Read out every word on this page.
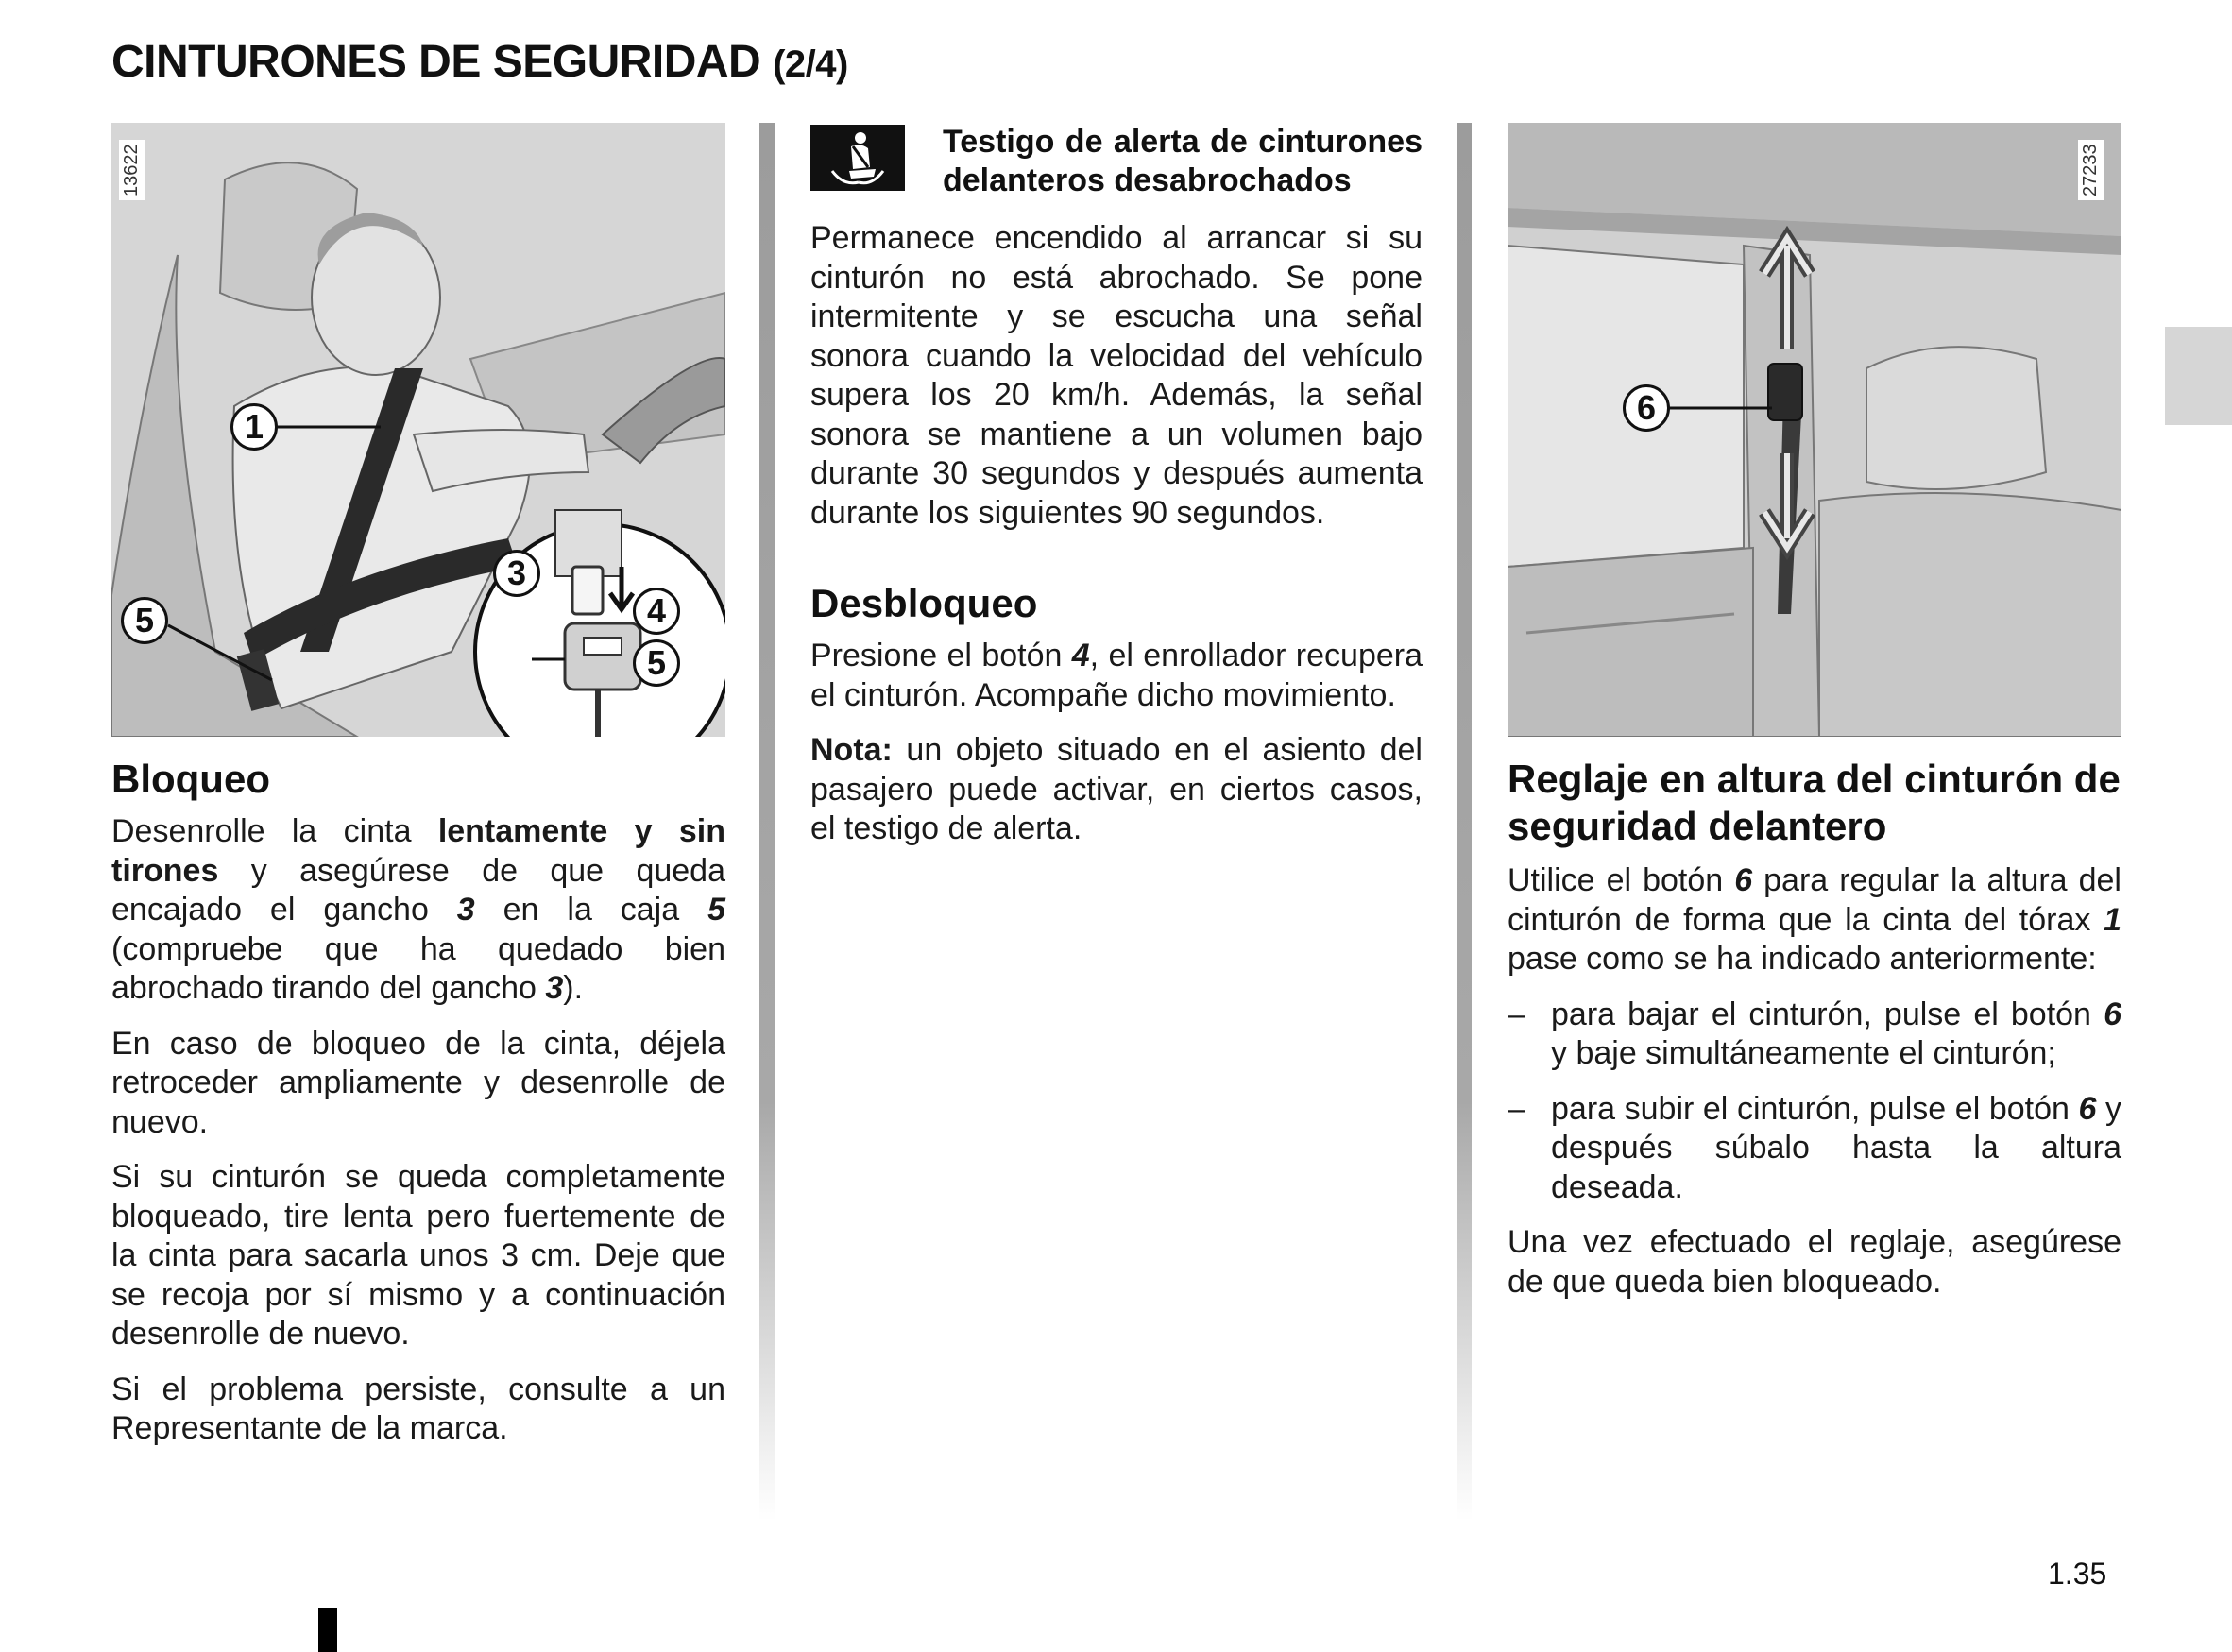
CINTURONES DE SEGURIDAD (2/4)
13622
1
3
4
5
5
Bloqueo

Desenrolle la cinta lentamente y sin tirones y asegúrese de que queda encajado el gancho 3 en la caja 5 (compruebe que ha quedado bien abrochado tirando del gancho 3).

En caso de bloqueo de la cinta, déjela retroceder ampliamente y desenrolle de nuevo.

Si su cinturón se queda completamente bloqueado, tire lenta pero fuertemente de la cinta para sacarla unos 3 cm. Deje que se recoja por sí mismo y a continuación desenrolle de nuevo.

Si el problema persiste, consulte a un Representante de la marca.

Testigo de alerta de cinturones delanteros desabrochados

Permanece encendido al arrancar si su cinturón no está abrochado. Se pone intermitente y se escucha una señal sonora cuando la velocidad del vehículo supera los 20 km/h. Además, la señal sonora se mantiene a un volumen bajo durante 30 segundos y después aumenta durante los siguientes 90 segundos.

Desbloqueo

Presione el botón 4, el enrollador recupera el cinturón. Acompañe dicho movimiento.

Nota: un objeto situado en el asiento del pasajero puede activar, en ciertos casos, el testigo de alerta.

27233
6
Reglaje en altura del cinturón de seguridad delantero

Utilice el botón 6 para regular la altura del cinturón de forma que la cinta del tórax 1 pase como se ha indicado anteriormente:

– para bajar el cinturón, pulse el botón 6 y baje simultáneamente el cinturón;
– para subir el cinturón, pulse el botón 6 y después súbalo hasta la altura deseada.

Una vez efectuado el reglaje, asegúrese de que queda bien bloqueado.

1.35
